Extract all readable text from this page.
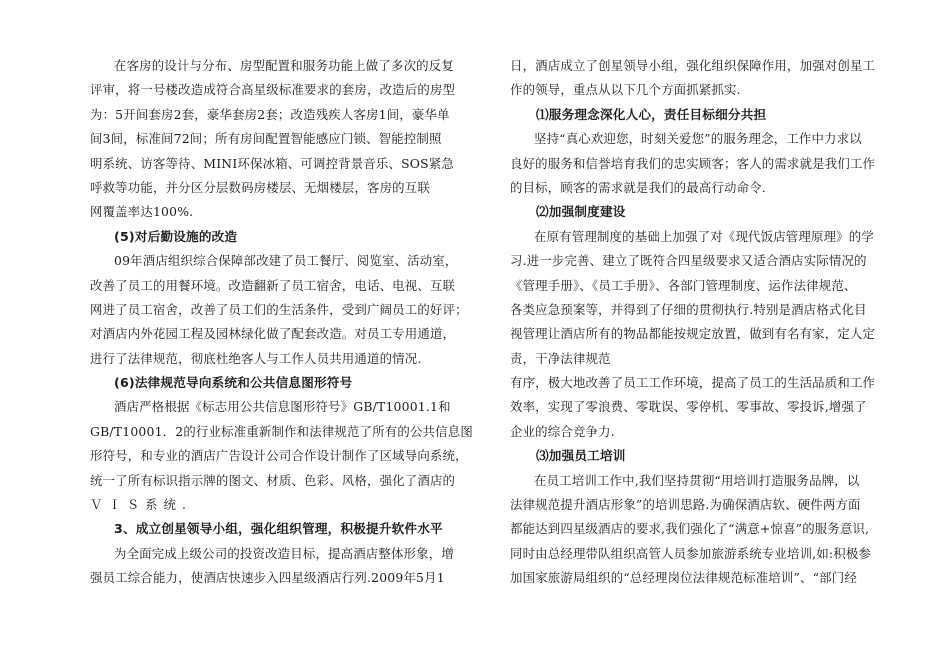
在客房的设计与分布、房型配置和服务功能上做了多次的反复
评审，将一号楼改造成符合高星级标准要求的套房，改造后的房型
为：5开间套房2套，豪华套房2套；改造残疾人客房1间，豪华单
间3间，标准间72间；所有房间配置智能感应门锁、智能控制照
明系统、访客等待、MINI环保冰箱、可调控背景音乐、SOS紧急
呼救等功能，并分区分层数码房楼层、无烟楼层，客房的互联
网覆盖率达100%.
(5)对后勤设施的改造
09年酒店组织综合保障部改建了员工餐厅、阅览室、活动室，
改善了员工的用餐环境。改造翻新了员工宿舍，电话、电视、互联
网进了员工宿舍，改善了员工们的生活条件，受到广阔员工的好评；
对酒店内外花园工程及园林绿化做了配套改造。对员工专用通道，
进行了法律规范，彻底杜绝客人与工作人员共用通道的情况.
(6)法律规范导向系统和公共信息图形符号
酒店严格根据《标志用公共信息图形符号》GB/T10001.1和
GB/T10001．2的行业标准重新制作和法律规范了所有的公共信息图
形符号，和专业的酒店广告设计公司合作设计制作了区域导向系统，
统一了所有标识指示牌的图文、材质、色彩、风格，强化了酒店的
ＶＩＳ系统.
3、成立创星领导小组，强化组织管理，积极提升软件水平
为全面完成上级公司的投资改造目标，提高酒店整体形象，增
强员工综合能力，使酒店快速步入四星级酒店行列.2009年5月1
日，酒店成立了创星领导小组，强化组织保障作用，加强对创星工
作的领导，重点从以下几个方面抓紧抓实.
⑴服务理念深化人心，责任目标细分共担
坚持“真心欢迎您，时刻关爱您”的服务理念，工作中力求以
良好的服务和信誉培育我们的忠实顾客；客人的需求就是我们工作
的目标，顾客的需求就是我们的最高行动命令.
⑵加强制度建设
在原有管理制度的基础上加强了对《现代饭店管理原理》的学
习.进一步完善、建立了既符合四星级要求又适合酒店实际情况的
《管理手册》、《员工手册》、各部门管理制度、运作法律规范、
各类应急预案等，并得到了仔细的贯彻执行.特别是酒店格式化目
视管理让酒店所有的物品都能按规定放置，做到有名有家，定人定
责，干净法律规范
有序，极大地改善了员工工作环境，提高了员工的生活品质和工作
效率，实现了零浪费、零耽误、零停机、零事故、零投诉,增强了
企业的综合竞争力.
⑶加强员工培训
在员工培训工作中,我们坚持贯彻“用培训打造服务品牌，以
法律规范提升酒店形象”的培训思路.为确保酒店软、硬件两方面
都能达到四星级酒店的要求,我们强化了“满意+惊喜”的服务意识,
同时由总经理带队组织高管人员参加旅游系统专业培训,如:积极参
加国家旅游局组织的“总经理岗位法律规范标准培训”、“部门经
